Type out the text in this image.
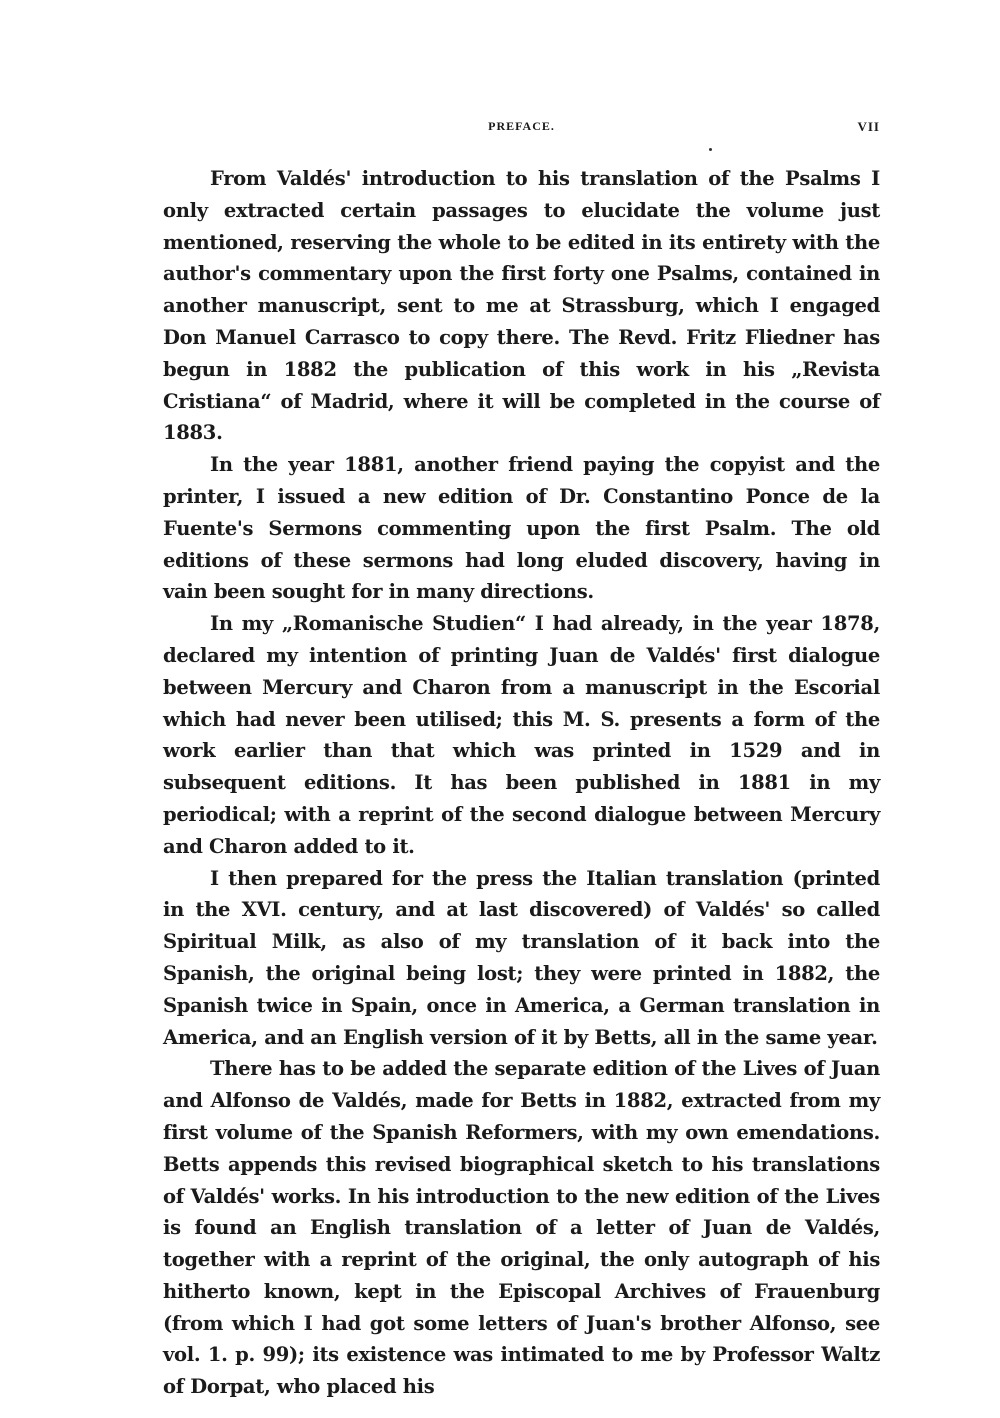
PREFACE.	VII

From Valdés' introduction to his translation of the Psalms I only extracted certain passages to elucidate the volume just mentioned, reserving the whole to be edited in its entirety with the author's commentary upon the first forty one Psalms, contained in another manuscript, sent to me at Strassburg, which I engaged Don Manuel Carrasco to copy there. The Revd. Fritz Fliedner has begun in 1882 the publication of this work in his „Revista Cristiana“ of Madrid, where it will be completed in the course of 1883.

In the year 1881, another friend paying the copyist and the printer, I issued a new edition of Dr. Constantino Ponce de la Fuente's Sermons commenting upon the first Psalm. The old editions of these sermons had long eluded discovery, having in vain been sought for in many directions.

In my „Romanische Studien“ I had already, in the year 1878, declared my intention of printing Juan de Valdés' first dialogue between Mercury and Charon from a manuscript in the Escorial which had never been utilised; this M. S. presents a form of the work earlier than that which was printed in 1529 and in subsequent editions. It has been published in 1881 in my periodical; with a reprint of the second dialogue between Mercury and Charon added to it.

I then prepared for the press the Italian translation (printed in the XVI. century, and at last discovered) of Valdés' so called Spiritual Milk, as also of my translation of it back into the Spanish, the original being lost; they were printed in 1882, the Spanish twice in Spain, once in America, a German translation in America, and an English version of it by Betts, all in the same year.

There has to be added the separate edition of the Lives of Juan and Alfonso de Valdés, made for Betts in 1882, extracted from my first volume of the Spanish Reformers, with my own emendations. Betts appends this revised biographical sketch to his translations of Valdés' works. In his introduction to the new edition of the Lives is found an English translation of a letter of Juan de Valdés, together with a reprint of the original, the only autograph of his hitherto known, kept in the Episcopal Archives of Frauenburg (from which I had got some letters of Juan's brother Alfonso, see vol. 1. p. 99); its existence was intimated to me by Professor Waltz of Dorpat, who placed his
